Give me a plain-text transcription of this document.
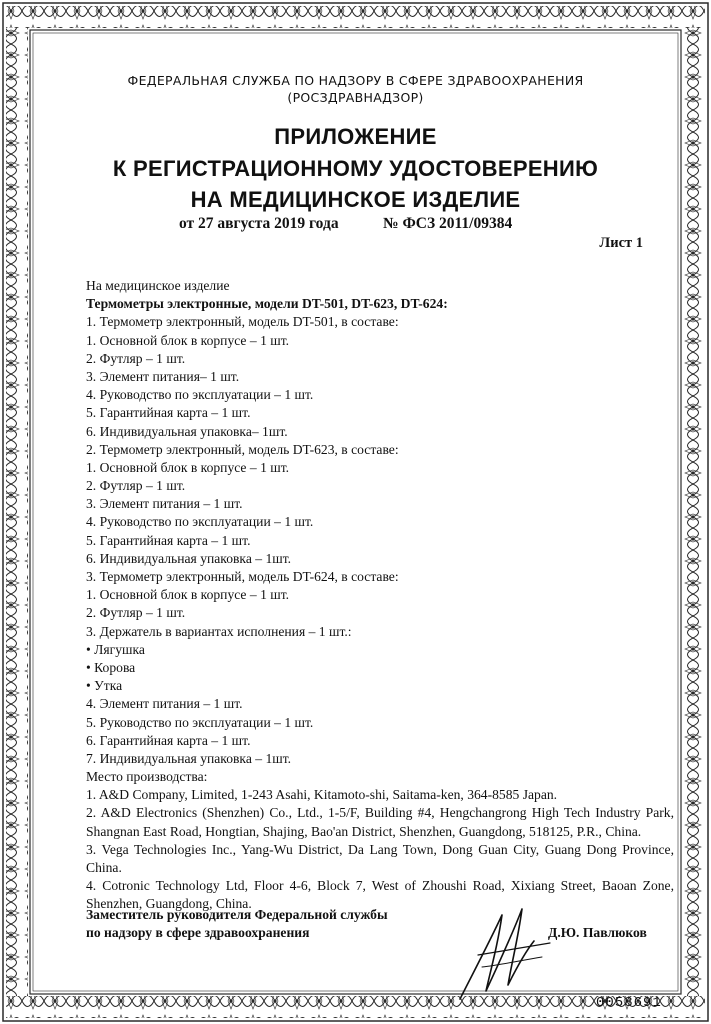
ФЕДЕРАЛЬНАЯ СЛУЖБА ПО НАДЗОРУ В СФЕРЕ ЗДРАВООХРАНЕНИЯ
(РОСЗДРАВНАДЗОР)
ПРИЛОЖЕНИЕ
К РЕГИСТРАЦИОННОМУ УДОСТОВЕРЕНИЮ
НА МЕДИЦИНСКОЕ ИЗДЕЛИЕ
от 27 августа 2019 года	№ ФСЗ 2011/09384
Лист 1
На медицинское изделие
Термометры электронные, модели DT-501, DT-623, DT-624:
1. Термометр электронный, модель DT-501, в составе:
1. Основной блок в корпусе – 1 шт.
2. Футляр – 1 шт.
3. Элемент питания– 1 шт.
4. Руководство по эксплуатации – 1 шт.
5. Гарантийная карта – 1 шт.
6. Индивидуальная упаковка– 1шт.
2. Термометр электронный, модель DT-623, в составе:
1. Основной блок в корпусе – 1 шт.
2. Футляр – 1 шт.
3. Элемент питания – 1 шт.
4. Руководство по эксплуатации – 1 шт.
5. Гарантийная карта – 1 шт.
6. Индивидуальная упаковка – 1шт.
3. Термометр электронный, модель DT-624, в составе:
1. Основной блок в корпусе – 1 шт.
2. Футляр – 1 шт.
3. Держатель в вариантах исполнения – 1 шт.:
• Лягушка
• Корова
• Утка
4. Элемент питания – 1 шт.
5. Руководство по эксплуатации – 1 шт.
6. Гарантийная карта – 1 шт.
7. Индивидуальная упаковка – 1шт.
Место производства:
1. A&D Company, Limited, 1-243 Asahi, Kitamoto-shi, Saitama-ken, 364-8585 Japan.

2. A&D Electronics (Shenzhen) Co., Ltd., 1-5/F, Building #4, Hengchangrong High Tech Industry Park, Shangnan East Road, Hongtian, Shajing, Bao'an District, Shenzhen, Guangdong, 518125, P.R., China.

3. Vega Technologies Inc., Yang-Wu District, Da Lang Town, Dong Guan City, Guang Dong Province, China.

4. Cotronic Technology Ltd, Floor 4-6, Block 7, West of Zhoushi Road, Xixiang Street, Baoan Zone, Shenzhen, Guangdong, China.

Заместитель руководителя Федеральной службы
по надзору в сфере здравоохранения	Д.Ю. Павлюков
0058691
